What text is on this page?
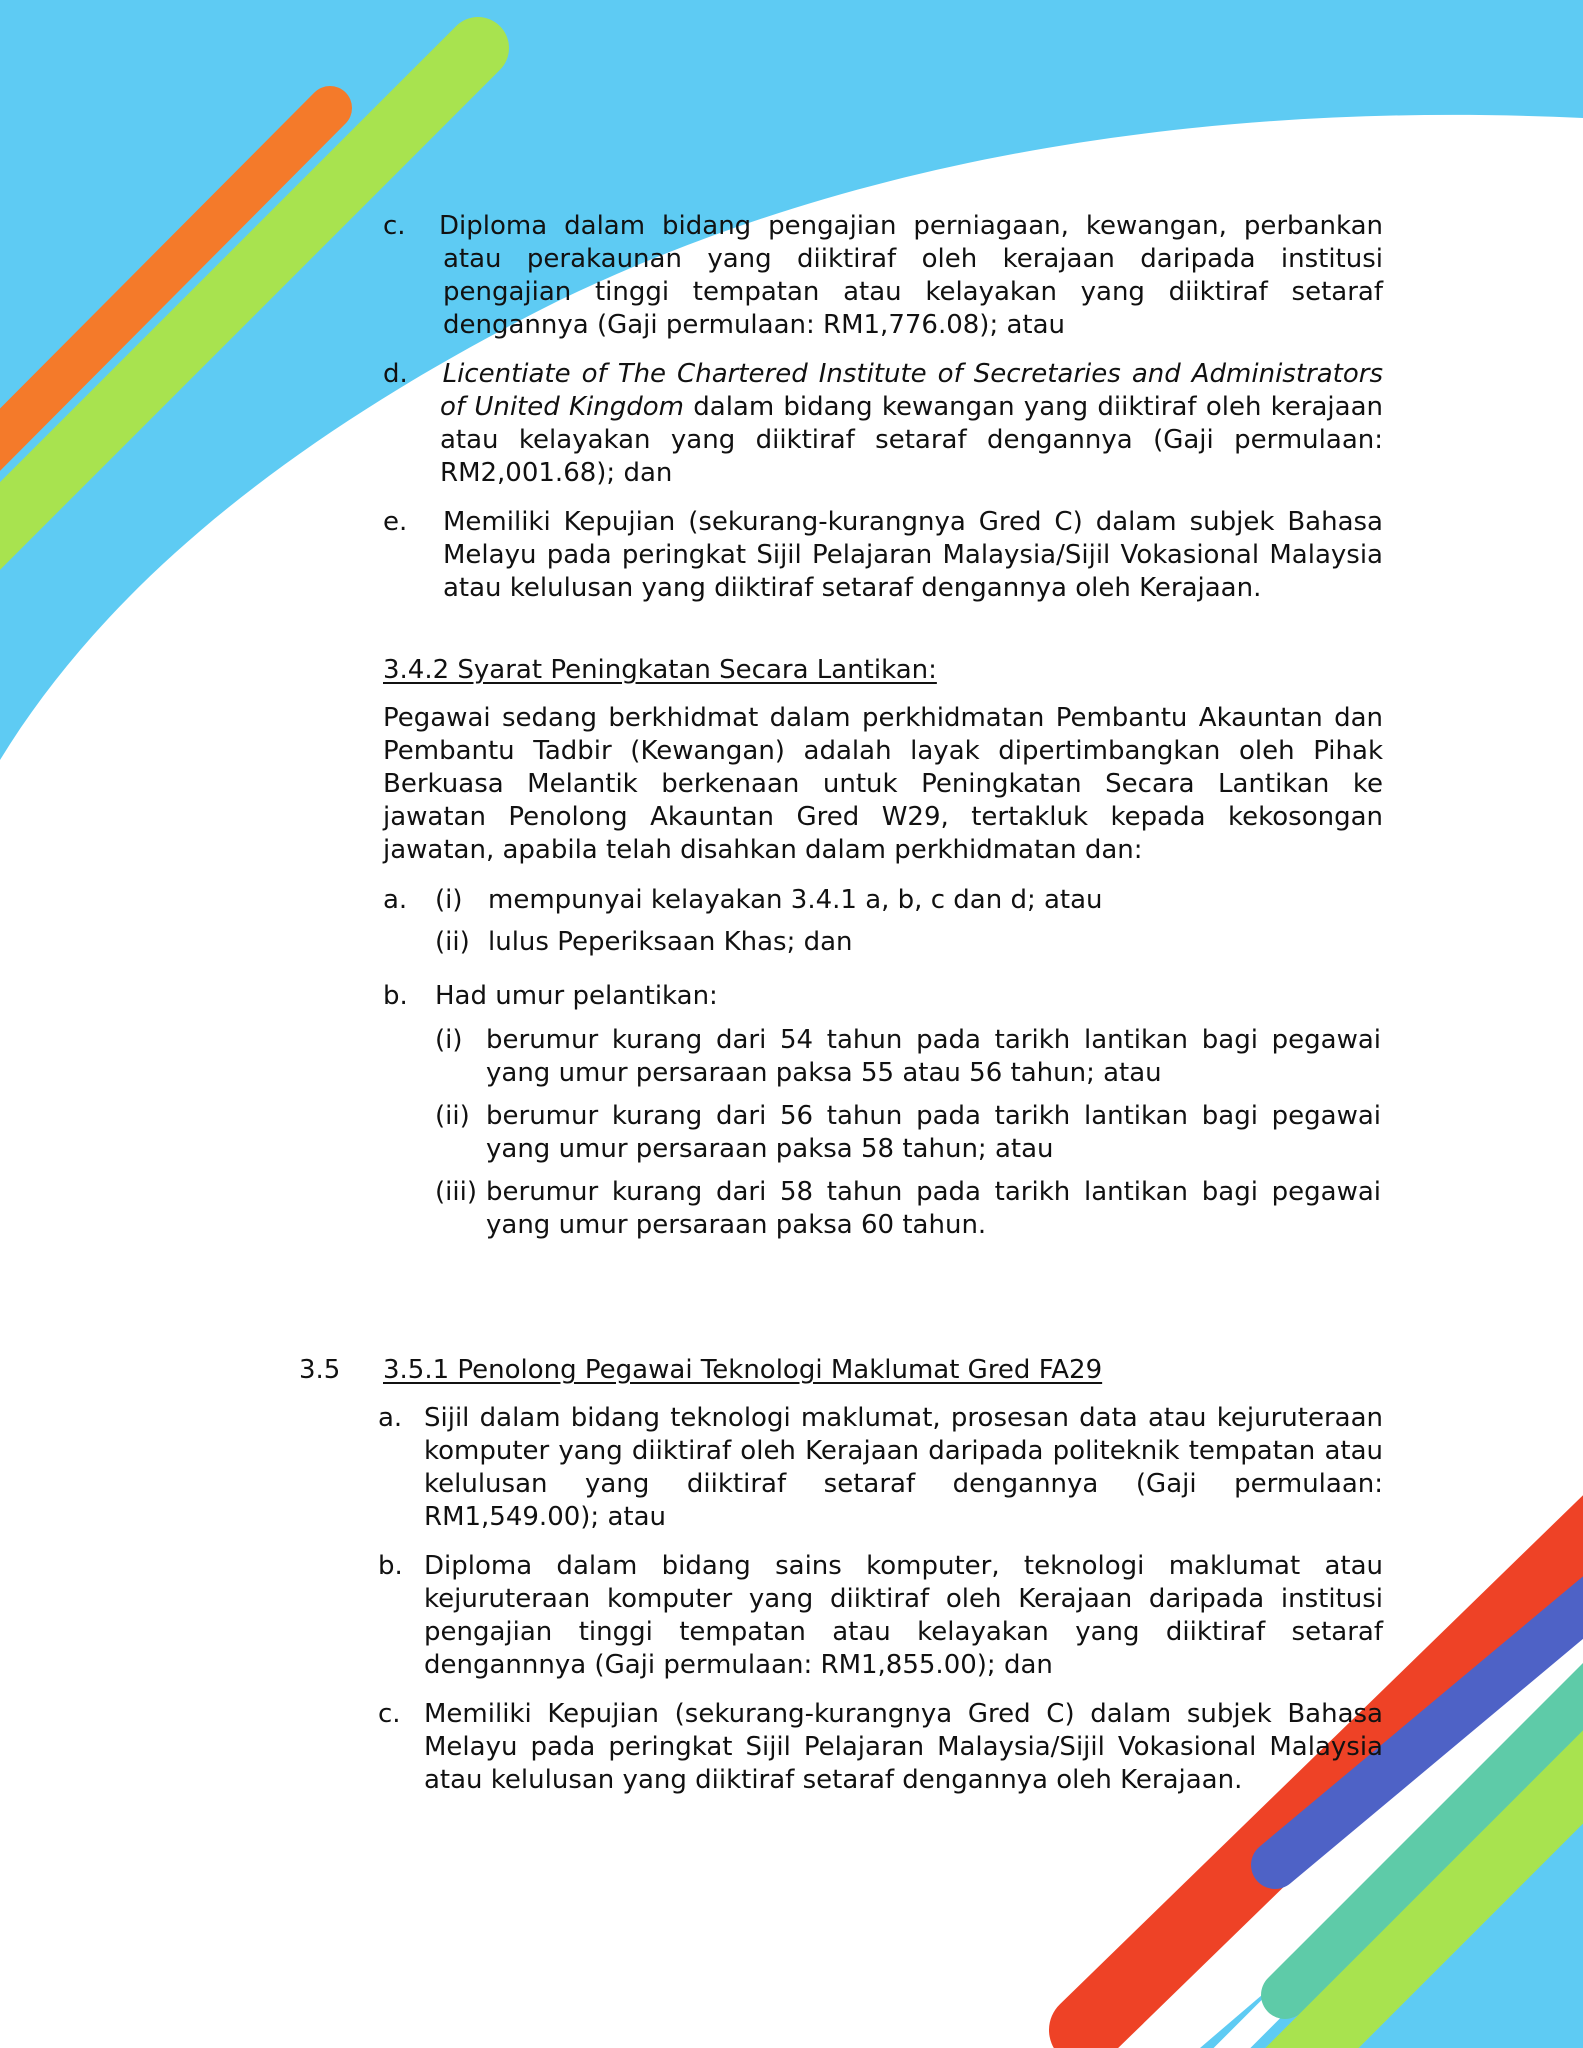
c. Diploma dalam bidang pengajian perniagaan, kewangan, perbankan atau perakaunan yang diiktiraf oleh kerajaan daripada institusi pengajian tinggi tempatan atau kelayakan yang diiktiraf setaraf dengannya (Gaji permulaan: RM1,776.08); atau

d.

  Licentiate of The Chartered Institute of Secretaries and Administrators of United Kingdom dalam bidang kewangan yang diiktiraf oleh kerajaan atau kelayakan yang diiktiraf setaraf dengannya (Gaji permulaan: RM2,001.68); dan

e. Memiliki Kepujian (sekurang-kurangnya Gred C) dalam subjek Bahasa Melayu pada peringkat Sijil Pelajaran Malaysia/Sijil Vokasional Malaysia atau kelulusan yang diiktiraf setaraf dengannya oleh Kerajaan.

3.4.2 Syarat Peningkatan Secara Lantikan:

Pegawai sedang berkhidmat dalam perkhidmatan Pembantu Akauntan dan Pembantu Tadbir (Kewangan) adalah layak dipertimbangkan oleh Pihak Berkuasa Melantik berkenaan untuk Peningkatan Secara Lantikan ke jawatan Penolong Akauntan Gred W29, tertakluk kepada kekosongan jawatan, apabila telah disahkan dalam perkhidmatan dan:

a. (i) mempunyai kelayakan 3.4.1 a, b, c dan d; atau

(ii) lulus Peperiksaan Khas; dan

b. Had umur pelantikan:

(i) berumur kurang dari 54 tahun pada tarikh lantikan bagi pegawai yang umur persaraan paksa 55 atau 56 tahun; atau

(ii) berumur kurang dari 56 tahun pada tarikh lantikan bagi pegawai yang umur persaraan paksa 58 tahun; atau

(iii) berumur kurang dari 58 tahun pada tarikh lantikan bagi pegawai yang umur persaraan paksa 60 tahun.

3.5 3.5.1 Penolong Pegawai Teknologi Maklumat Gred FA29
a. Sijil dalam bidang teknologi maklumat, prosesan data atau kejuruteraan komputer yang diiktiraf oleh Kerajaan daripada politeknik tempatan atau kelulusan yang diiktiraf setaraf dengannya (Gaji permulaan: RM1,549.00); atau

b. Diploma dalam bidang sains komputer, teknologi maklumat atau kejuruteraan komputer yang diiktiraf oleh Kerajaan daripada institusi pengajian tinggi tempatan atau kelayakan yang diiktiraf setaraf dengannnya (Gaji permulaan: RM1,855.00); dan

c. Memiliki Kepujian (sekurang-kurangnya Gred C) dalam subjek Bahasa Melayu pada peringkat Sijil Pelajaran Malaysia/Sijil Vokasional Malaysia atau kelulusan yang diiktiraf setaraf dengannya oleh Kerajaan.
